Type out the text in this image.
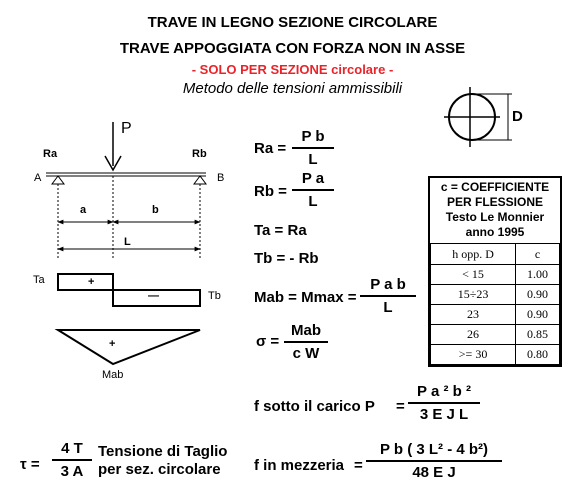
TRAVE IN LEGNO SEZIONE CIRCOLARE
TRAVE APPOGGIATA CON FORZA NON IN ASSE
- SOLO PER SEZIONE circolare -
Metodo delle tensioni ammissibili
D
P
Ra	Rb
A	B
a	b
L
Ta
Tb
+
—
+
Mab
Ra =
P b
L
Rb =
P a
L
Ta = Ra
Tb = - Rb
Mab = Mmax =
P a b
L
σ =
Mab
c W
f sotto il carico P =
P a ² b ²
3 E J L
τ =
4 T
3 A
Tensione di Taglio
per sez. circolare f in mezzeria =
P b ( 3 L² - 4 b²)
48 E J
c = COEFFICIENTE
PER FLESSIONE
Testo Le Monnier
anno 1995
h opp. D	c
< 15	1.00
15÷23	0.90
23	0.90
26	0.85
>= 30	0.80
